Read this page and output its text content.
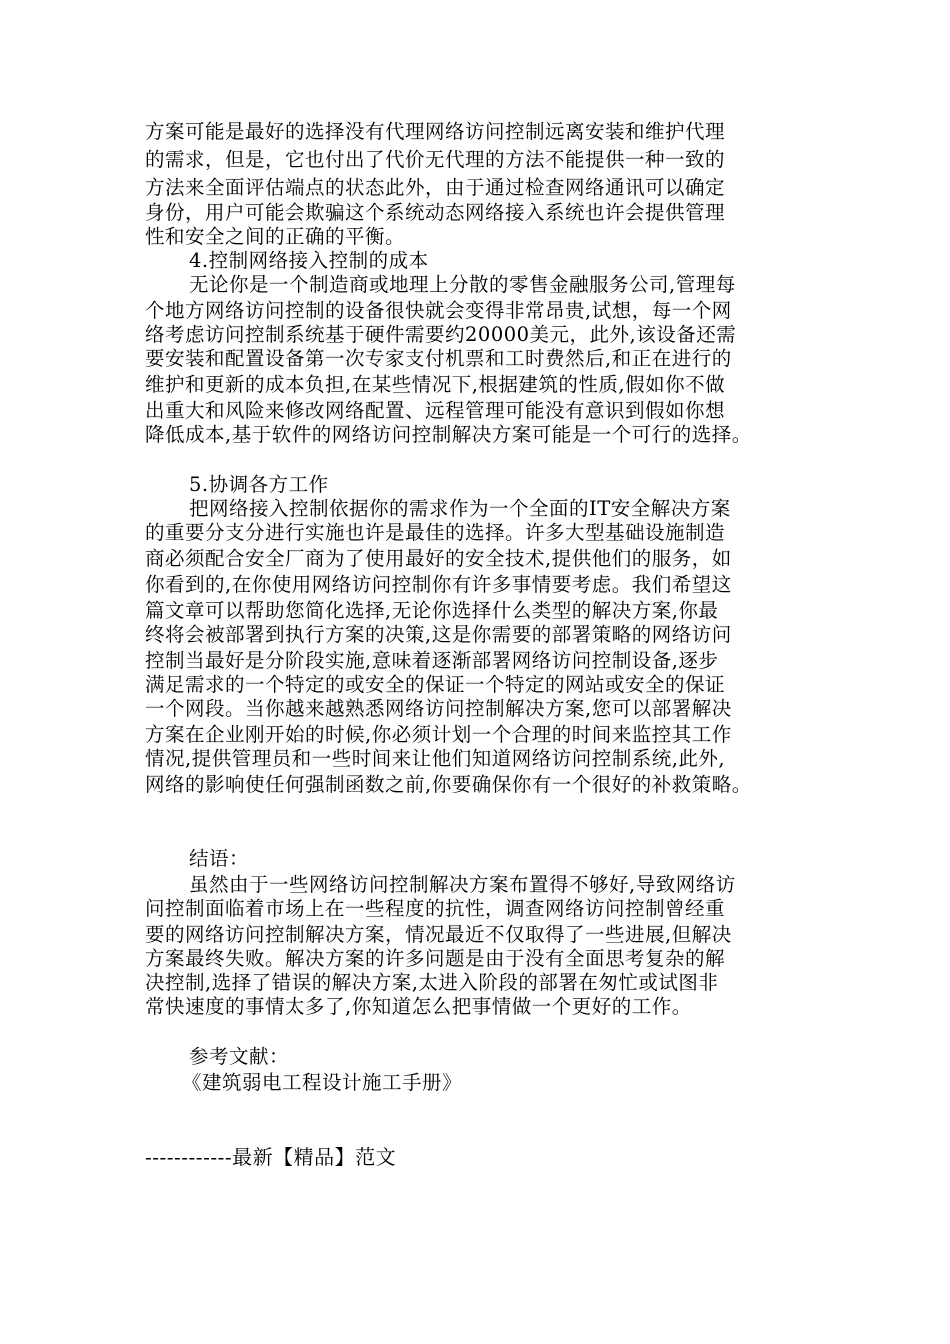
方案可能是最好的选择没有代理网络访问控制远离安装和维护代理
的需求，但是，它也付出了代价无代理的方法不能提供一种一致的
方法来全面评估端点的状态此外，由于通过检查网络通讯可以确定
身份，用户可能会欺骗这个系统动态网络接入系统也许会提供管理
性和安全之间的正确的平衡。
4.控制网络接入控制的成本
无论你是一个制造商或地理上分散的零售金融服务公司,管理每
个地方网络访问控制的设备很快就会变得非常昂贵,试想，每一个网
络考虑访问控制系统基于硬件需要约20000美元，此外,该设备还需
要安装和配置设备第一次专家支付机票和工时费然后,和正在进行的
维护和更新的成本负担,在某些情况下,根据建筑的性质,假如你不做
出重大和风险来修改网络配置、远程管理可能没有意识到假如你想
降低成本,基于软件的网络访问控制解决方案可能是一个可行的选择。
5.协调各方工作
把网络接入控制依据你的需求作为一个全面的IT安全解决方案
的重要分支分进行实施也许是最佳的选择。许多大型基础设施制造
商必须配合安全厂商为了使用最好的安全技术,提供他们的服务，如
你看到的,在你使用网络访问控制你有许多事情要考虑。我们希望这
篇文章可以帮助您简化选择,无论你选择什么类型的解决方案,你最
终将会被部署到执行方案的决策,这是你需要的部署策略的网络访问
控制当最好是分阶段实施,意味着逐渐部署网络访问控制设备,逐步
满足需求的一个特定的或安全的保证一个特定的网站或安全的保证
一个网段。当你越来越熟悉网络访问控制解决方案,您可以部署解决
方案在企业刚开始的时候,你必须计划一个合理的时间来监控其工作
情况,提供管理员和一些时间来让他们知道网络访问控制系统,此外,
网络的影响使任何强制函数之前,你要确保你有一个很好的补救策略。
结语：
虽然由于一些网络访问控制解决方案布置得不够好,导致网络访
问控制面临着市场上在一些程度的抗性，调查网络访问控制曾经重
要的网络访问控制解决方案，情况最近不仅取得了一些进展,但解决
方案最终失败。解决方案的许多问题是由于没有全面思考复杂的解
决控制,选择了错误的解决方案,太进入阶段的部署在匆忙或试图非
常快速度的事情太多了,你知道怎么把事情做一个更好的工作。
参考文献：
《建筑弱电工程设计施工手册》
------------最新【精品】范文
